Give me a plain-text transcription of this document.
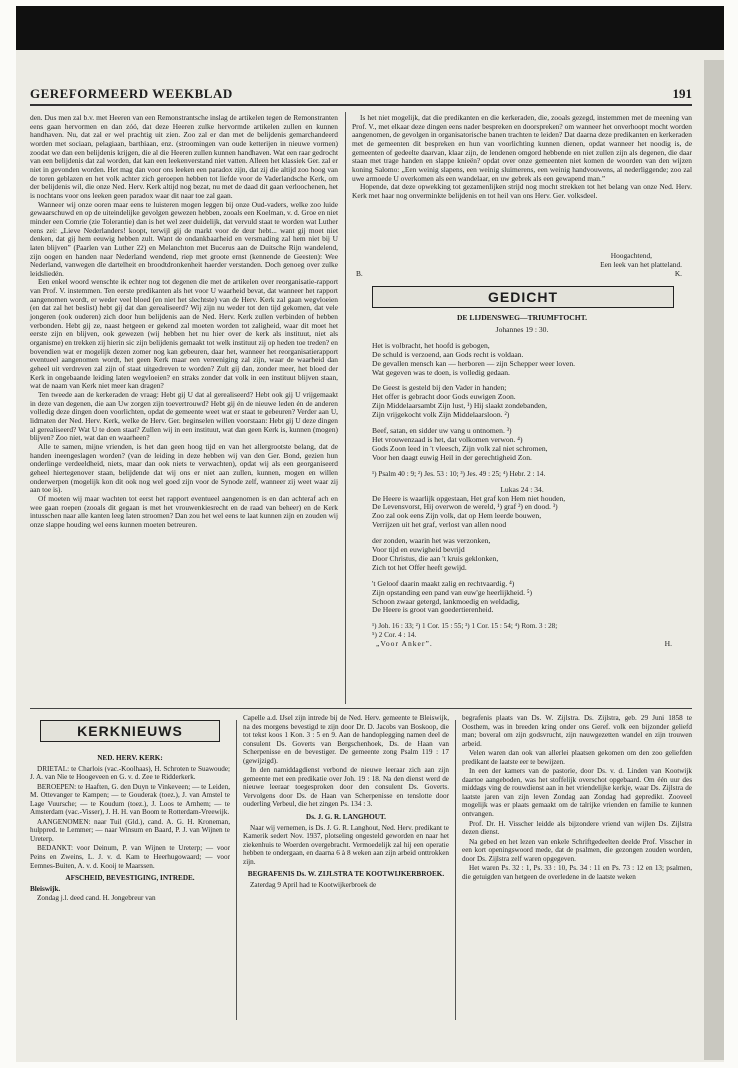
GEREFORMEERD WEEKBLAD	191

den. Dus men zal b.v. met Heeren van een Remonstrantsche inslag de artikelen tegen de Remonstranten eens gaan hervormen en dan zóó, dat deze Heeren zulke hervormde artikelen zullen en kunnen handhaven. Nu, dat zal er wel prachtig uit zien. Zoo zal er dan met de belijdenis gemarchandeerd worden met sociaan, pelagiaan, barthiaan, enz. (stroomingen van oude ketterijen in nieuwe vormen) zoodat we dan een belijdenis krijgen, die al die Heeren zullen kunnen handhaven. Wat een raar gedrocht van een belijdenis dat zal worden, dat kan een leekenverstand niet vatten. Alleen het klassiek Ger. zal er niet in gevonden worden. Het mag dan voor ons leeken een paradox zijn, dat zij die altijd zoo hoog van de toren geblazen en het volk achter zich geroepen hebben tot liefde voor de Vaderlandsche Kerk, om der belijdenis wil, die onze Ned. Herv. Kerk altijd nog bezat, nu met de daad dit gaan verloochenen, het is nochtans voor ons leeken geen paradox waar dit naar toe zal gaan.

Wanneer wij onze ooren maar eens te luisteren mogen leggen bij onze Oud-vaders, welke zoo luide gewaarschuwd en op de uiteindelijke gevolgen gewezen hebben, zooals een Koelman, v. d. Groe en niet minder een Comrie (zie Tolerantie) dan is het wel zeer duidelijk, dat vervuld staat te worden wat Luther eens zei: „Lieve Nederlanders! koopt, terwijl gij de markt voor de deur hebt... want gij moet niet denken, dat gij hem eeuwig hebben zult. Want de ondankbaarheid en versmading zal hem niet bij U laten blijven” (Paarlen van Luther 22) en Melanchton met Bucerus aan de Duitsche Rijn wandelend, zijn oogen en handen naar Nederland wendend, riep met groote ernst (kennende de Geesten): Wee Nederland, vanwegen dle dartelheit en broodtdronkenheit haerder verstanden. Doch genoeg over zulke leidsliedén.

Een enkel woord wenschte ik echter nog tot degenen die met de artikelen over reorganisatie-rapport van Prof. V. instemmen. Ten eerste predikanten als het voor U waarheid bevat, dat wanneer het rapport aangenomen wordt, er weder veel bloed (en niet het slechtste) van de Herv. Kerk zal gaan wegvloeien (en dat zal het beslist) hebt gij dat dan gerealiseerd? Wij zijn nu weder tot den tijd gekomen, dat vele jongeren (ook ouderen) zich door hun belijdenis aan de Ned. Herv. Kerk zullen verbinden of hebben verbonden. Hebt gij ze, naast hetgeen er gekend zal moeten worden tot zaligheid, waar dit moet het eerste zijn en blijven, ook gewezen (wij hebben het nu hier over de kerk als instituut, niet als organisme) en trekken zij hierin sic zijn belijdenis gemaakt tot welk instituut zij op heden toe treden? en bovendien wat er mogelijk dezen zomer nog kan gebeuren, daar het, wanneer het reorganisatierapport eventueel aangenomen wordt, het geen Kerk maar een vereeniging zal zijn, waar de waarheid dan geheel uit verdreven zal zijn of staat uitgedreven te worden? Zult gij dan, zonder meer, het bloed der Kerk in ongebaande leiding laten wegvloeien? en straks zonder dat volk in een instituut blijven staan, wat de naam van Kerk niet meer kan dragen?

Ten tweede aan de kerkeraden de vraag: Hebt gij U dat al gerealiseerd? Hebt ook gij U vrijgemaakt in deze van degenen, die aan Uw zorgen zijn toevertrouwd? Hebt gij én de nieuwe leden én de anderen volledig deze dingen doen voorlichten, opdat de gemeente weet wat er staat te gebeuren? Verder aan U, lidmaten der Ned. Herv. Kerk, welke de Herv. Ger. beginselen willen voorstaan: Hebt gij U deze dingen al gerealiseerd? Wat U te doen staat? Zullen wij in een instituut, wat dan geen Kerk is, kunnen (mogen) blijven? Zoo niet, wat dan en waarheen?

Alle te samen, mijne vrienden, is het dan geen hoog tijd en van het allergrootste belang, dat de handen ineengeslagen worden? (van de leiding in deze hebben wij van den Ger. Bond, gezien hun onderlinge verdeeldheid, niets, maar dan ook niets te verwachten), opdat wij als een georganiseerd geheel hiertegenover staan, belijdende dat wij ons er niet aan zullen, kunnen, mogen en willen onderwerpen (mogelijk kon dit ook nog wel goed zijn voor de Synode zelf, wanneer zij weet waar zij aan toe is).

Of moeten wij maar wachten tot eerst het rapport eventueel aangenomen is en dan achteraf ach en wee gaan roepen (zooals dit gegaan is met het vrouwenkiesrecht en de raad van beheer) en de Kerk intusschen naar alle kanten leeg laten stroomen? Dan zou het wel eens te laat kunnen zijn en zouden wij onze slappe houding wel eens kunnen moeten betreuren.

Is het niet mogelijk, dat die predikanten en die kerkeraden, die, zooals gezegd, instemmen met de meening van Prof. V., met elkaar deze dingen eens nader bespreken en doorspreken? om wanneer het onverhoopt mocht worden aangenomen, de gevolgen in organisatorische banen trachten te leiden? Dat daarna deze predikanten en kerkeraden met de gemeenten dit bespreken en hun van voorlichting kunnen dienen, opdat wanneer het noodig is, de gemeenten of gedeelte daarvan, klaar zijn, de lendenen omgord hebbende en niet zullen zijn als degenen, die daar staan met trage handen en slappe knieën? opdat over onze gemeenten niet komen de woorden van den wijzen koning Salomo: „Een weinig slapens, een weinig sluimerens, een weinig handvouwens, al nederliggende; zoo zal uwe armoede U overkomen als een wandelaar, en uw gebrek als een gewapend man.”

Hopende, dat deze opwekking tot gezamenlijken strijd nog mocht strekken tot het belang van onze Ned. Herv. Kerk met haar nog onverminkte belijdenis en tot heil van ons Herv. Ger. volksdeel.

Hoogachtend,
Een leek van het platteland.
B.	K.
GEDICHT
DE LIJDENSWEG—TRIUMFTOCHT.
Johannes 19 : 30.
Het is volbracht, het hoofd is gebogen,
De schuld is verzoend, aan Gods recht is voldaan.
De gevallen mensch kan — herboren — zijn Schepper weer loven.
Wat gegeven was te doen, is volledig gedaan.
De Geest is gesteld bij den Vader in handen;
Het offer is gebracht door Gods euwigen Zoon.
Zijn Middelaarsambt Zijn lust, ¹) Hij slaakt zondebanden,
Zijn vrijgekocht volk Zijn Middelaarsloon. ²)
Beef, satan, en sidder uw vang u ontnomen. ³)
Het vrouwenzaad is het, dat volkomen verwon. ⁴)
Gods Zoon leed in 't vleesch, Zijn volk zal niet schromen,
Voor hen daagt euwig Heil in der gerechtigheid Zon.
¹) Psalm 40 : 9; ²) Jes. 53 : 10; ³) Jes. 49 : 25; ⁴) Hebr. 2 : 14.
Lukas 24 : 34.
De Heere is waarlijk opgestaan, Het graf kon Hem niet houden,
De Levensvorst, Hij overwon de wereld, ¹) graf ²) en dood. ³)
Zoo zal ook eens Zijn volk, dat op Hem leerde bouwen,
Verrijzen uit het graf, verlost van allen nood
der zonden, waarin het was verzonken,
Voor tijd en euwigheid bevrijd
Door Christus, die aan 't kruis geklonken,
Zich tot het Offer heeft gewijd.
't Geloof daarin maakt zalig en rechtvaardig. ⁴)
Zijn opstanding een pand van euw'ge heerlijkheid. ⁵)
Schoon zwaar getergd, lankmoedig en weldadig,
De Heere is groot van goedertierenheid.
¹) Joh. 16 : 33; ²) 1 Cor. 15 : 55; ³) 1 Cor. 15 : 54; ⁴) Rom. 3 : 28;
⁵) 2 Cor. 4 : 14.
„Voor Anker”.	H.
KERKNIEUWS

NED. HERV. KERK:

DRIETAL: te Charlois (vac.-Koolhaas), H. Schroten te Suawoude; J. A. van Nie te Hoogeveen en G. v. d. Zee te Ridderkerk.

BEROEPEN: te Haaften, G. den Duyn te Vinkeveen; — te Leiden, M. Ottevanger te Kampen; — te Gouderak (toez.), J. van Amstel te Lage Vuursche; — te Koudum (toez.), J. Loos te Arnhem; — te Amsterdam (vac.-Visser), J. H. H. van Boom te Rotterdam-Vreewijk.

AANGENOMEN: naar Tuil (Gld.), cand. A. G. H. Kroneman, hulppred. te Lemmer; — naar Winsum en Baard, P. J. van Wijnen te Ureterp.

BEDANKT: voor Deinum, P. van Wijnen te Ureterp; — voor Peins en Zweins, L. J. v. d. Kam te Heerhugowaard; — voor Eemnes-Buiten, A. v. d. Kooij te Maarssen.

AFSCHEID, BEVESTIGING, INTREDE.

Bleiswijk.

Zondag j.l. deed cand. H. Jongebreur van

Capelle a.d. IJsel zijn intrede bij de Ned. Herv. gemeente te Bleiswijk, na des morgens bevestigd te zijn door Dr. D. Jacobs van Boskoop, die tot tekst koos 1 Kon. 3 : 5 en 9. Aan de handoplegging namen deel de consulent Ds. Goverts van Bergschenhoek, Ds. de Haan van Scherpenisse en de bevestiger. De gemeente zong Psalm 119 : 17 (gewijzigd).

In den namiddagdienst verbond de nieuwe leeraar zich aan zijn gemeente met een predikatie over Joh. 19 : 18. Na den dienst werd de nieuwe leeraar toegesproken door den consulent Ds. Goverts. Vervolgens door Ds. de Haan van Scherpenisse en tenslotte door ouderling Verbeul, die het zingen Ps. 134 : 3.

Ds. J. G. R. LANGHOUT.

Naar wij vernemen, is Ds. J. G. R. Langhout, Ned. Herv. predikant te Kamerik sedert Nov. 1937, plotseling ongesteld geworden en naar het ziekenhuis te Woerden overgebracht. Vermoedelijk zal hij een operatie hebben te ondergaan, en daarna 6 à 8 weken aan zijn arbeid onttrokken zijn.

BEGRAFENIS Ds. W. ZIJLSTRA TE KOOTWIJKERBROEK.

Zaterdag 9 April had te Kootwijkerbroek de

begrafenis plaats van Ds. W. Zijlstra. Ds. Zijlstra, geb. 29 Juni 1858 te Oosthem, was in breeden kring onder ons Geref. volk een bijzonder geliefd man; boveral om zijn godsvrucht, zijn nauwgezetten wandel en zijn trouwen arbeid.

Velen waren dan ook van allerlei plaatsen gekomen om den zoo geliefden predikant de laatste eer te bewijzen.

In een der kamers van de pastorie, door Ds. v. d. Linden van Kootwijk daartoe aangeboden, was het stoffelijk overschot opgebaard. Om één uur des middags ving de rouwdienst aan in het vriendelijke kerkje, waar Ds. Zijlstra de laatste jaren van zijn leven Zondag aan Zondag had gepredikt. Zooveel mogelijk was er plaats gemaakt om de talrijke vrienden en familie te kunnen ontvangen.

Prof. Dr. H. Visscher leidde als bijzondere vriend van wijlen Ds. Zijlstra dezen dienst.

Na gebed en het lezen van enkele Schriftgedeelten deelde Prof. Visscher in een kort openingswoord mede, dat de psalmen, die gezongen zouden worden, door Ds. Zijlstra zelf waren opgegeven.

Het waren Ps. 32 : 1, Ps. 33 : 10, Ps. 34 : 11 en Ps. 73 : 12 en 13; psalmen, die getuigden van hetgeen de overledene in de laatste weken
